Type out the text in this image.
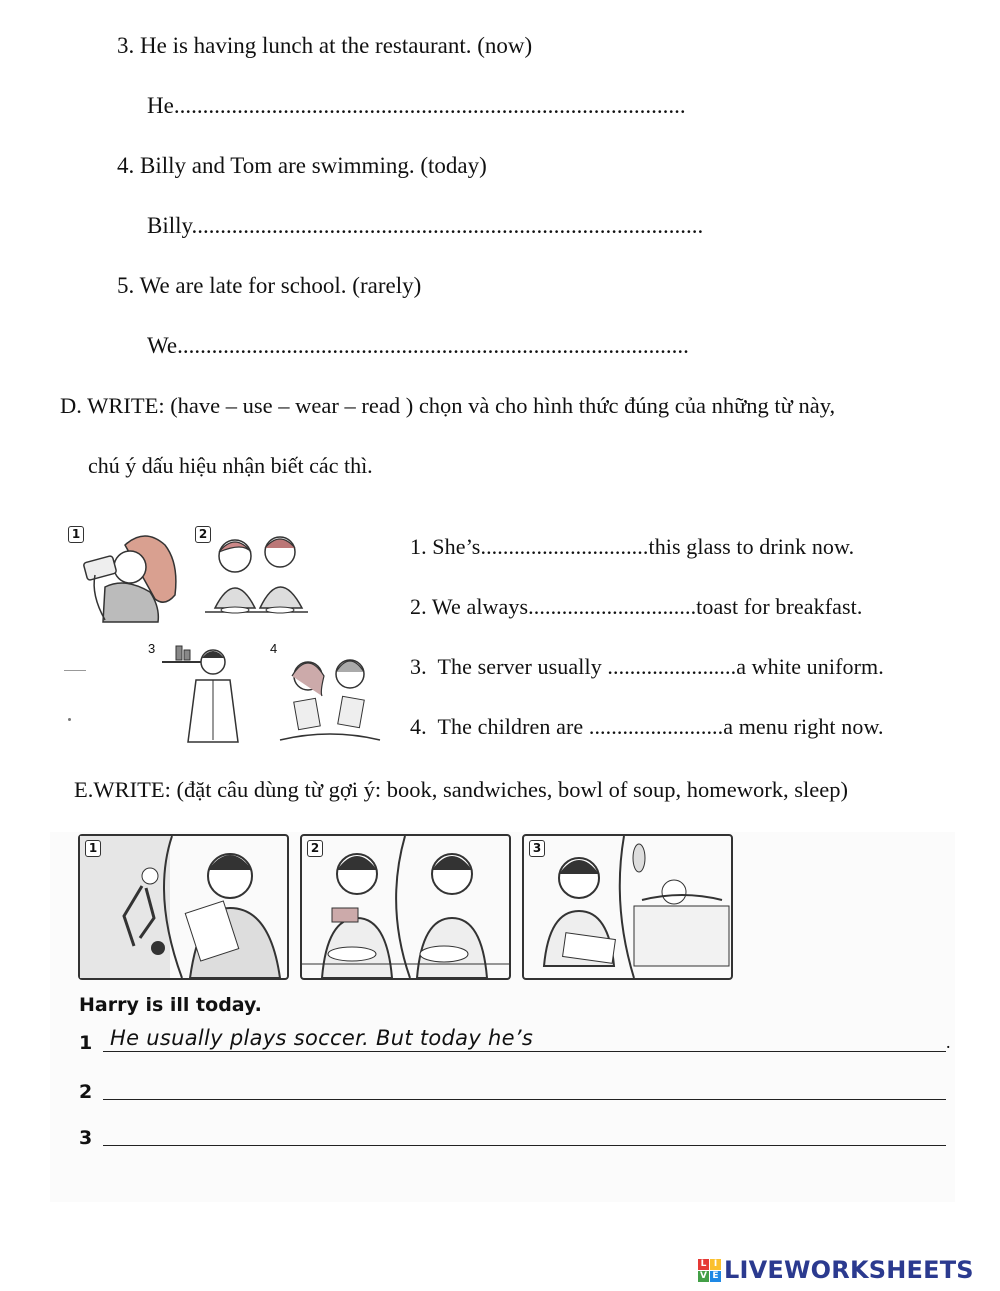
3. He is having lunch at the restaurant. (now)
He.........................................................................................
4. Billy and Tom are swimming. (today)
Billy.........................................................................................
5. We are late for school. (rarely)
We.........................................................................................
D. WRITE: (have – use – wear – read ) chọn và cho hình thức đúng của những từ này,
chú ý dấu hiệu nhận biết các thì.
1	2
3	4
1. She’s..............................this glass to drink now.
2. We always..............................toast for breakfast.
3.  The server usually .......................a white uniform.
4.  The children are ........................a menu right now.
E.WRITE: (đặt câu dùng từ gợi ý: book, sandwiches, bowl of soup, homework, sleep)
1	2	3
Harry is ill today.
1 He usually plays soccer. But today he’s	.
2
3
L I
V E LIVEWORKSHEETS
